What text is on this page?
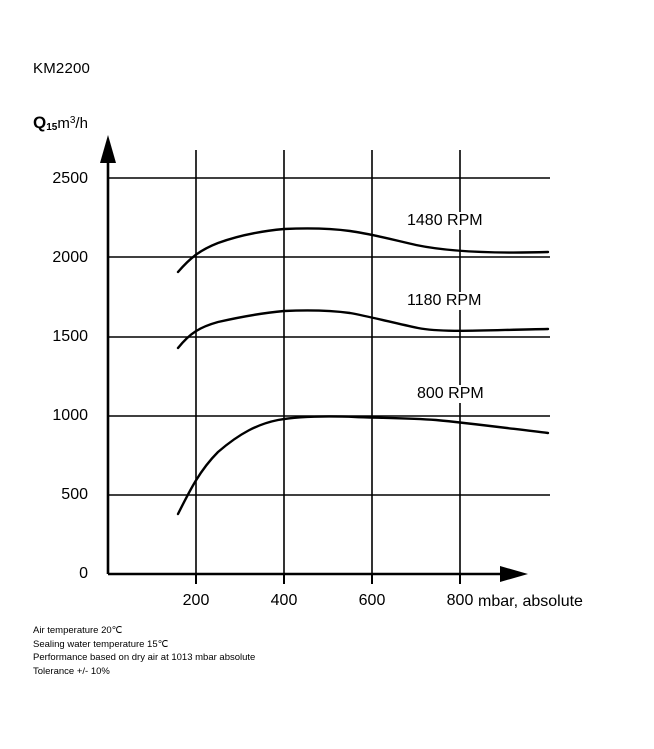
KM2200
$Q_{15}m^3/h$
0
500
1000
1500
2000
2500
200	400	600	800 mbar, absolute
1480 RPM
1180 RPM
800 RPM
Air temperature 20℃
Sealing water temperature 15℃
Performance based on dry air at 1013 mbar absolute
Tolerance +/- 10%
